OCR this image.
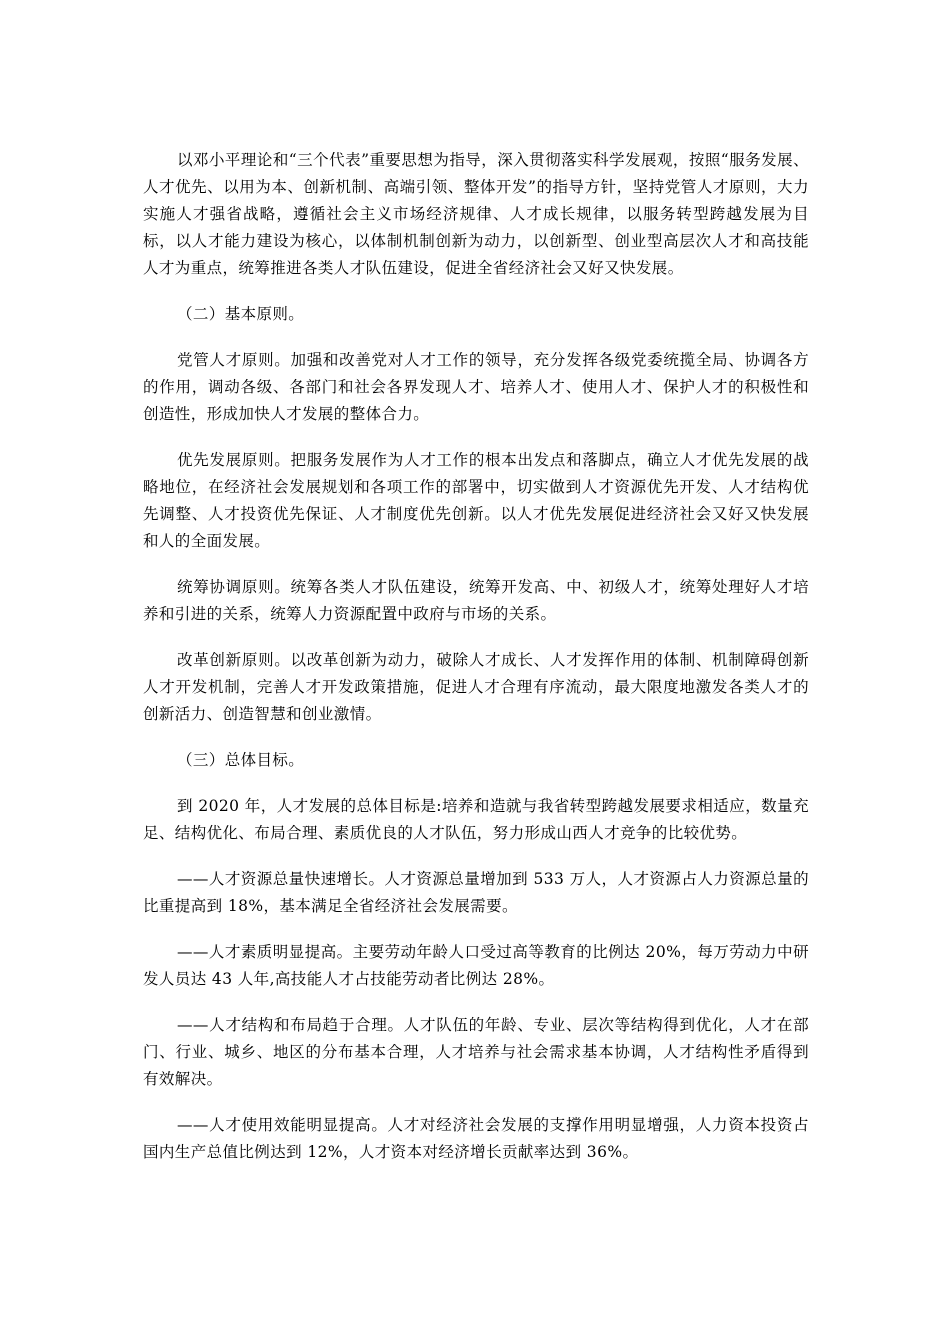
以邓小平理论和“三个代表”重要思想为指导，深入贯彻落实科学发展观，按照“服务发展、人才优先、以用为本、创新机制、高端引领、整体开发”的指导方针，坚持党管人才原则，大力实施人才强省战略，遵循社会主义市场经济规律、人才成长规律，以服务转型跨越发展为目标，以人才能力建设为核心，以体制机制创新为动力，以创新型、创业型高层次人才和高技能人才为重点，统筹推进各类人才队伍建设，促进全省经济社会又好又快发展。

（二）基本原则。

党管人才原则。加强和改善党对人才工作的领导，充分发挥各级党委统揽全局、协调各方的作用，调动各级、各部门和社会各界发现人才、培养人才、使用人才、保护人才的积极性和创造性，形成加快人才发展的整体合力。

优先发展原则。把服务发展作为人才工作的根本出发点和落脚点，确立人才优先发展的战略地位，在经济社会发展规划和各项工作的部署中，切实做到人才资源优先开发、人才结构优先调整、人才投资优先保证、人才制度优先创新。以人才优先发展促进经济社会又好又快发展和人的全面发展。

统筹协调原则。统筹各类人才队伍建设，统筹开发高、中、初级人才，统筹处理好人才培养和引进的关系，统筹人力资源配置中政府与市场的关系。

改革创新原则。以改革创新为动力，破除人才成长、人才发挥作用的体制、机制障碍创新人才开发机制，完善人才开发政策措施，促进人才合理有序流动，最大限度地激发各类人才的创新活力、创造智慧和创业激情。

（三）总体目标。

到 2020 年，人才发展的总体目标是:培养和造就与我省转型跨越发展要求相适应，数量充足、结构优化、布局合理、素质优良的人才队伍，努力形成山西人才竞争的比较优势。

——人才资源总量快速增长。人才资源总量增加到 533 万人，人才资源占人力资源总量的比重提高到 18%，基本满足全省经济社会发展需要。

——人才素质明显提高。主要劳动年龄人口受过高等教育的比例达 20%，每万劳动力中研发人员达 43 人年,高技能人才占技能劳动者比例达 28%。

——人才结构和布局趋于合理。人才队伍的年龄、专业、层次等结构得到优化，人才在部门、行业、城乡、地区的分布基本合理，人才培养与社会需求基本协调，人才结构性矛盾得到有效解决。

——人才使用效能明显提高。人才对经济社会发展的支撑作用明显增强，人力资本投资占国内生产总值比例达到 12%，人才资本对经济增长贡献率达到 36%。
